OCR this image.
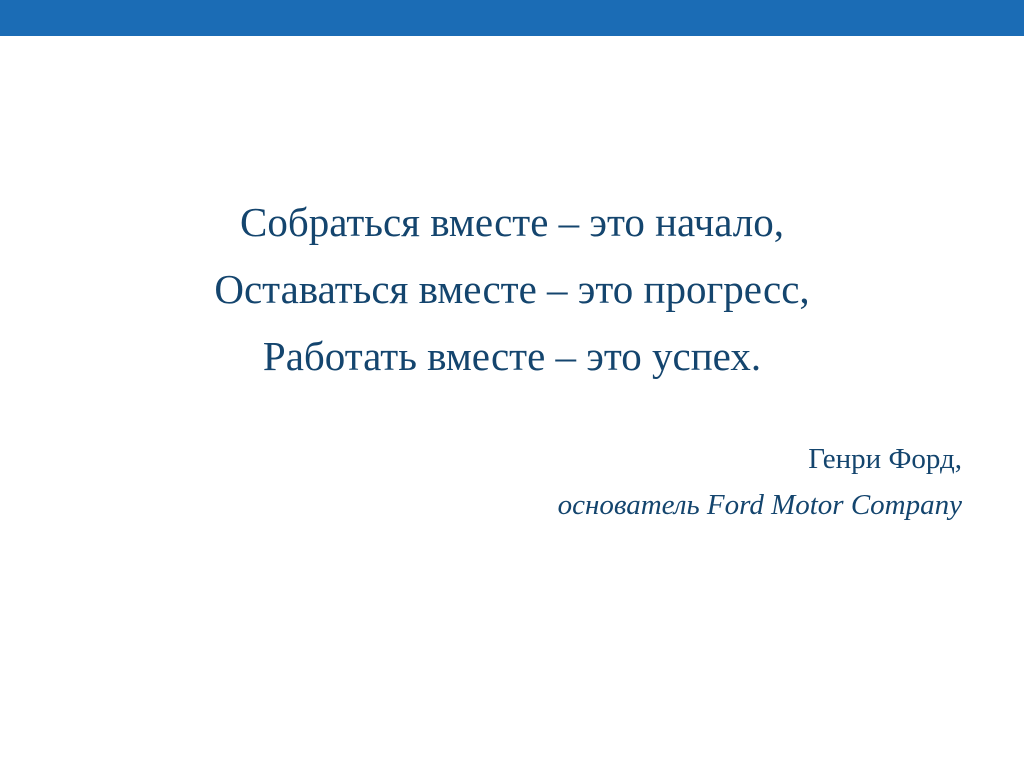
Собраться вместе – это начало,
Оставаться вместе – это прогресс,
Работать вместе – это успех.
Генри Форд,
основатель Ford Motor Company
